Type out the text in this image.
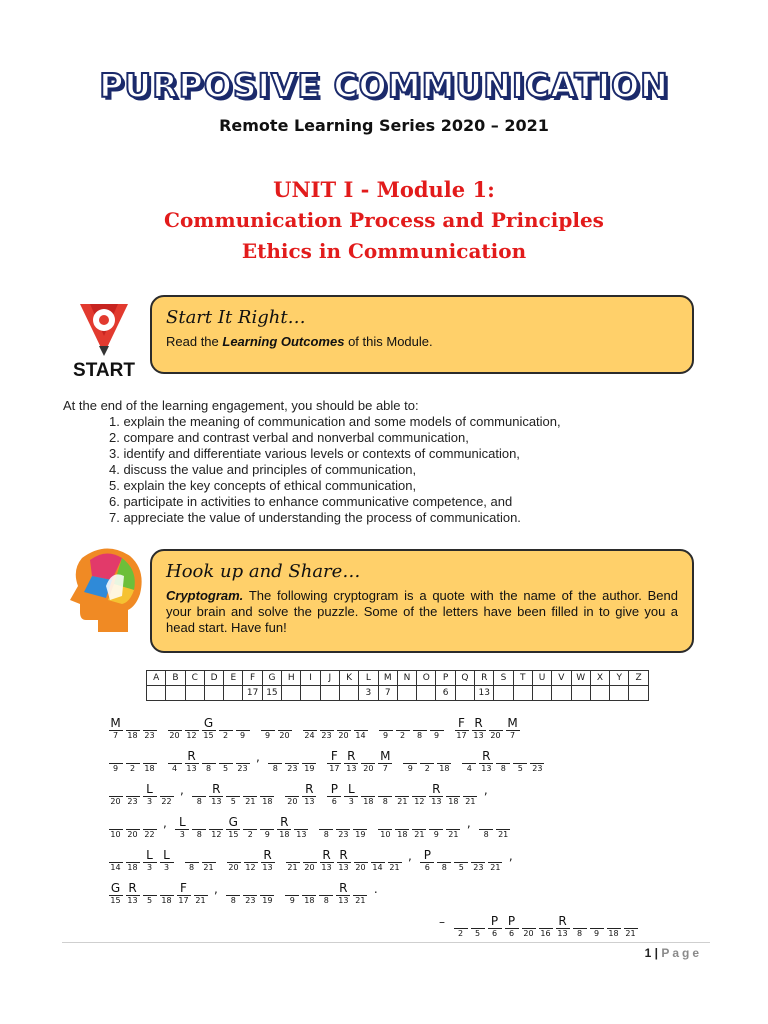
PURPOSIVE COMMUNICATION
Remote Learning Series 2020 – 2021
UNIT I - Module 1:
Communication Process and Principles
Ethics in Communication
START
Start It Right…
Read the Learning Outcomes of this Module.
At the end of the learning engagement, you should be able to:
1. explain the meaning of communication and some models of communication,
2. compare and contrast verbal and nonverbal communication,
3. identify and differentiate various levels or contexts of communication,
4. discuss the value and principles of communication,
5. explain the key concepts of ethical communication,
6. participate in activities to enhance communicative competence, and
7. appreciate the value of understanding the process of communication.
Hook up and Share…
Cryptogram. The following cryptogram is a quote with the name of the author. Bend your brain and solve the puzzle. Some of the letters have been filled in to give you a head start. Have fun!
A	B	C	D	E	F	G	H	I	J	K	L	M	N	O	P	Q	R	S	T	U	V	W	X	Y	Z
					17	15					3	7			6		13								
M
7 18 23 20 12
G
15 2 9 9 20 24 23 20 14 9 2 8 9
F
17
R
13 20
M
7
9 2 18 4
R
13 8 5 23
,
8 23 19
F
17
R
13 20
M
7 9 2 18 4
R
13 8 5 23
20 23
L
3 22
,
8
R
13 5 21 18 20
R
13
P
6
L
3 18 8 21 12
R
13 18 21
,
10 20 22
, L
3 8 12
G
15 2 9
R
18 13 8 23 19 10 18 21 9 21
,
8 21
14 18
L
3
L
3 8 21 20 12
R
13 21 20
R
13
R
13 20 14 21
, P
6 8 5 23 21
,
G
15
R
13 5 18
F
17 21
,
8 23 19 9 18 8
R
13 21
.
–
2 5
P
6
P
6 20 16
R
13 8 9 18 21
1 | Page
